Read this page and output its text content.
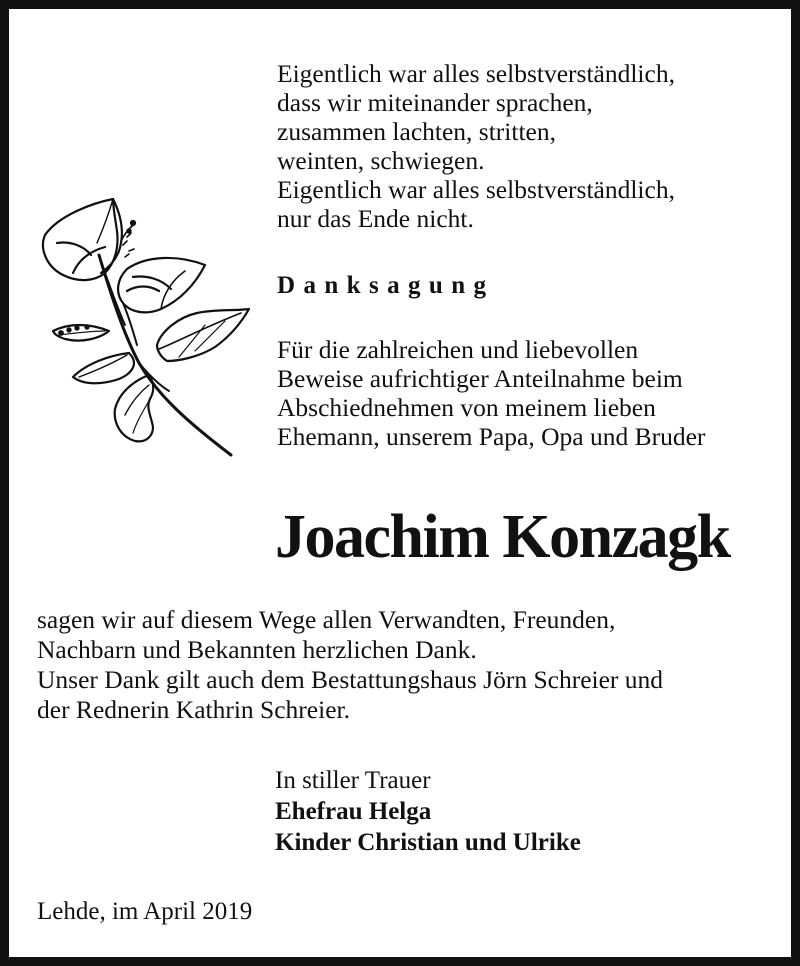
Eigentlich war alles selbstverständlich,
dass wir miteinander sprachen,
zusammen lachten, stritten,
weinten, schwiegen.
Eigentlich war alles selbstverständlich,
nur das Ende nicht.
Danksagung
Für die zahlreichen und liebevollen
Beweise aufrichtiger Anteilnahme beim
Abschiednehmen von meinem lieben
Ehemann, unserem Papa, Opa und Bruder
Joachim Konzagk
sagen wir auf diesem Wege allen Verwandten, Freunden,
Nachbarn und Bekannten herzlichen Dank.
Unser Dank gilt auch dem Bestattungshaus Jörn Schreier und
der Rednerin Kathrin Schreier.
In stiller Trauer
Ehefrau Helga
Kinder Christian und Ulrike
Lehde, im April 2019
